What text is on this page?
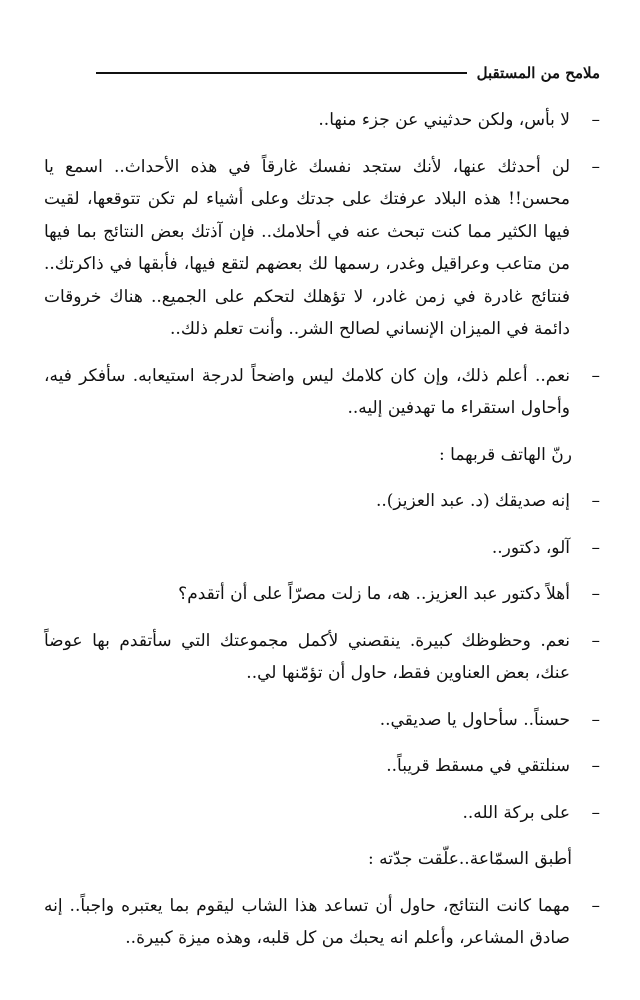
ملامح من المستقبل
–
لا بأس، ولكن حدثيني عن جزء منها..
–
لن أحدثك عنها، لأنك ستجد نفسك غارقاً في هذه الأحداث.. اسمع يا محسن!! هذه البلاد عرفتك على جدتك وعلى أشياء لم تكن تتوقعها، لقيت فيها الكثير مما كنت تبحث عنه في أحلامك.. فإن آذتك بعض النتائج بما فيها من متاعب وعراقيل وغدر، رسمها لك بعضهم لتقع فيها، فأبقها في ذاكرتك.. فنتائج غادرة في زمن غادر، لا تؤهلك لتحكم على الجميع.. هناك خروقات دائمة في الميزان الإنساني لصالح الشر.. وأنت تعلم ذلك..
–
نعم.. أعلم ذلك، وإن كان كلامك ليس واضحاً لدرجة استيعابه. سأفكر فيه، وأحاول استقراء ما تهدفين إليه..
رنّ الهاتف قربهما :
–
إنه صديقك (د. عبد العزيز)..
–
آلو، دكتور..
–
أهلاً دكتور عبد العزيز.. هه، ما زلت مصرّاً على أن أتقدم؟
–
نعم. وحظوظك كبيرة. ينقصني لأكمل مجموعتك التي سأتقدم بها عوضاً عنك، بعض العناوين فقط، حاول أن تؤمّنها لي..
–
حسناً.. سأحاول يا صديقي..
–
سنلتقي في مسقط قريباً..
–
على بركة الله..
أطبق السمّاعة..علّقت جدّته :
–
مهما كانت النتائج، حاول أن تساعد هذا الشاب ليقوم بما يعتبره واجباً.. إنه صادق المشاعر، وأعلم انه يحبك من كل قلبه، وهذه ميزة كبيرة..
